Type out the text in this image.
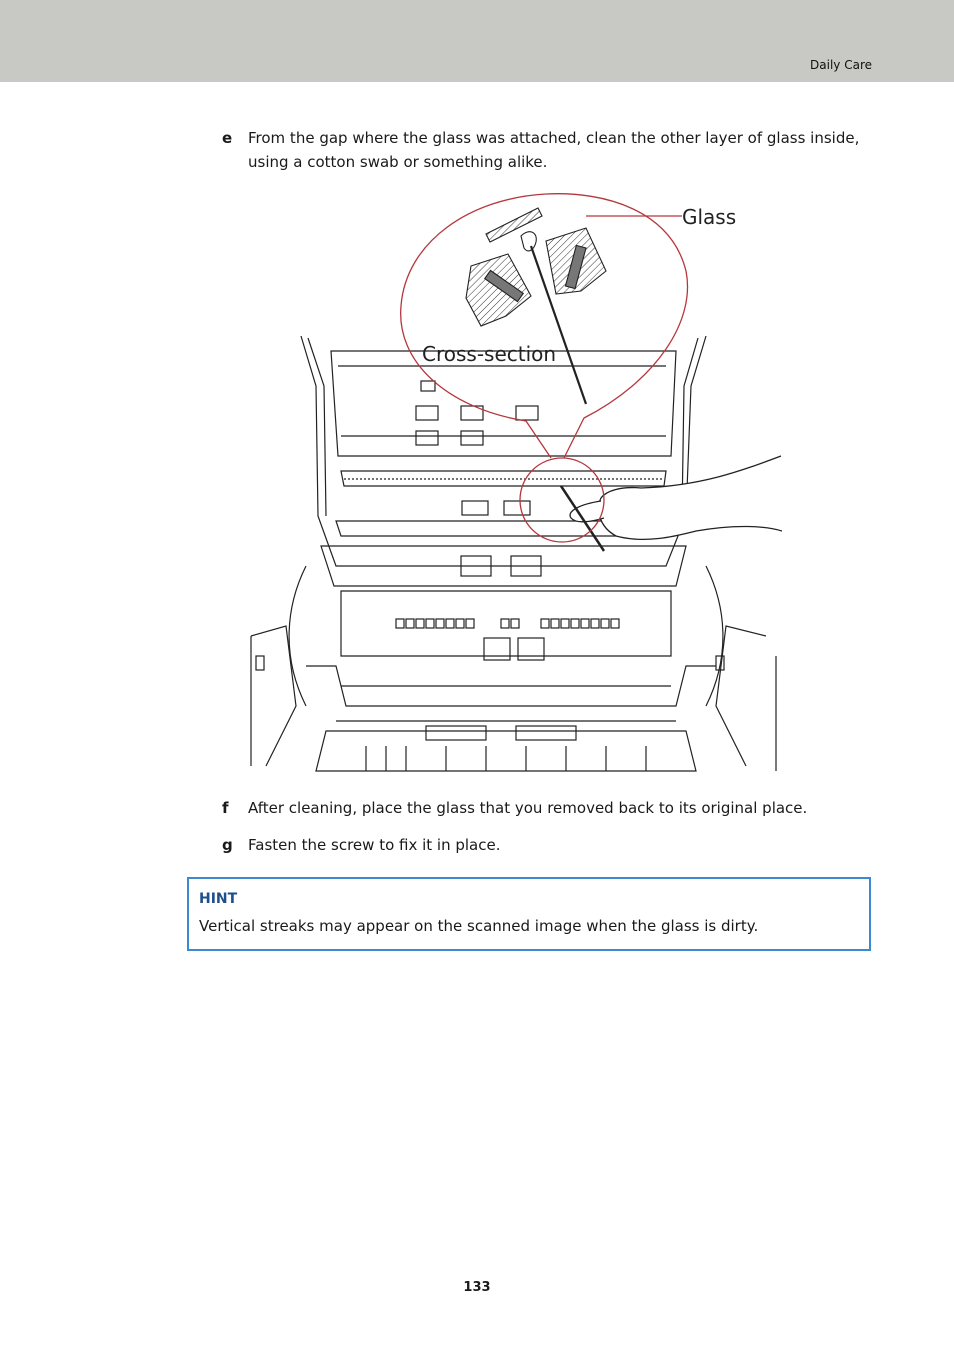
Daily Care
e	From the gap where the glass was attached, clean the other layer of glass inside, using a cotton swab or something alike.
Glass
Cross-section
f	After cleaning, place the glass that you removed back to its original place.
g	Fasten the screw to fix it in place.
HINT
Vertical streaks may appear on the scanned image when the glass is dirty.
133
